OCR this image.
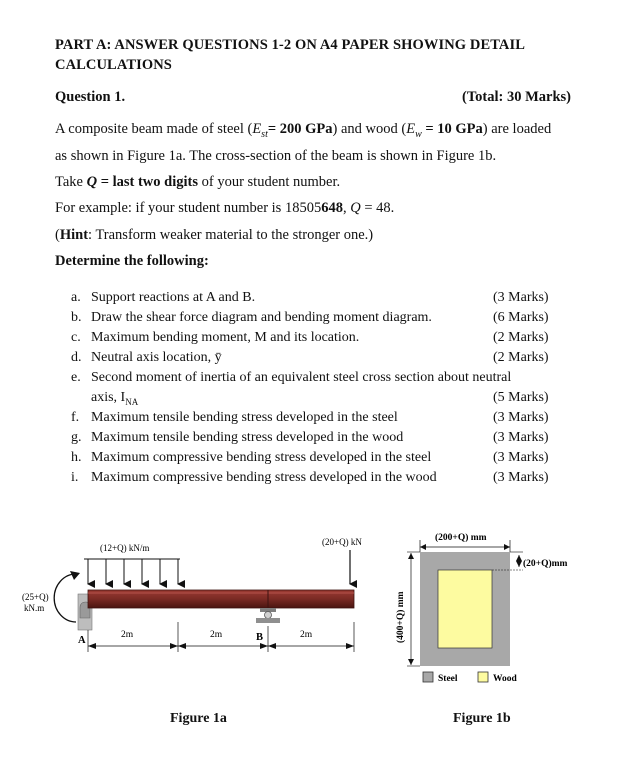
PART A: ANSWER QUESTIONS 1-2 ON A4 PAPER SHOWING DETAIL
CALCULATIONS
Question 1.	(Total: 30 Marks)
A composite beam made of steel ($E_{st}= 200$ GPa) and wood ($E_w = 10$ GPa) are loaded
as shown in Figure 1a. The cross-section of the beam is shown in Figure 1b.
Take Q = last two digits of your student number.
For example: if your student number is 18505648, Q = 48.
(Hint: Transform weaker material to the stronger one.)
Determine the following:
a. Support reactions at A and B.	(3 Marks)
b. Draw the shear force diagram and bending moment diagram.	(6 Marks)
c. Maximum bending moment, M and its location.	(2 Marks)
d. Neutral axis location, ȳ	(2 Marks)
e. Second moment of inertia of an equivalent steel cross section about neutral
axis, $I_{NA}$	(5 Marks)
f. Maximum tensile bending stress developed in the steel	(3 Marks)
g. Maximum tensile bending stress developed in the wood	(3 Marks)
h. Maximum compressive bending stress developed in the steel	(3 Marks)
i. Maximum compressive bending stress developed in the wood	(3 Marks)
(12+Q) kN/m
(20+Q) kN
(25+Q)
kN.m
A	B
2m	2m	2m
(200+Q) mm
(20+Q)mm
(400+Q) mm
Steel	Wood
Figure 1a	Figure 1b
